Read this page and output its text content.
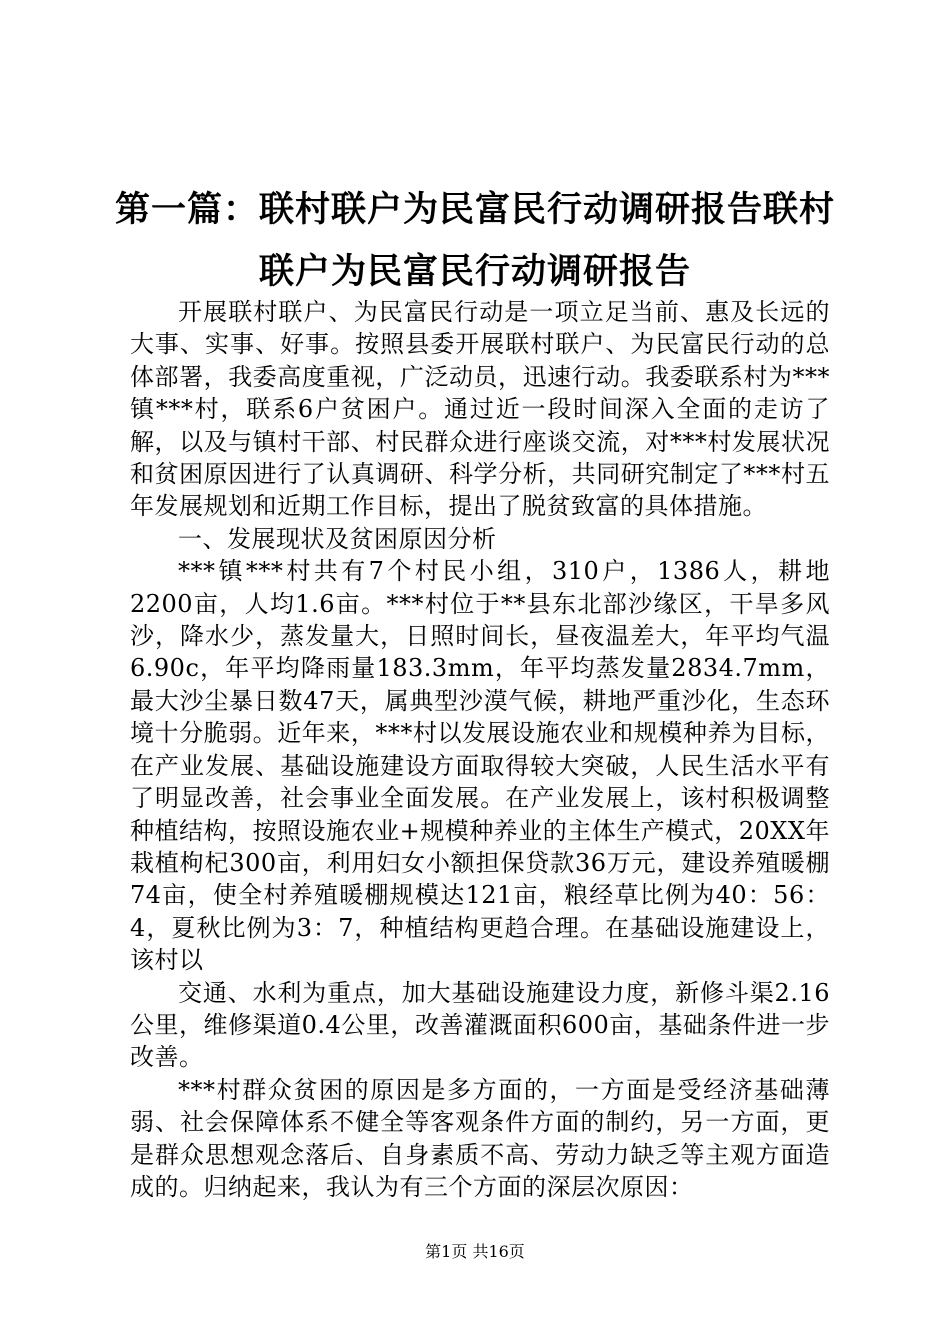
第一篇：联村联户为民富民行动调研报告联村
联户为民富民行动调研报告

开展联村联户、为民富民行动是一项立足当前、惠及长远的大事、实事、好事。按照县委开展联村联户、为民富民行动的总体部署，我委高度重视，广泛动员，迅速行动。我委联系村为***镇***村，联系6户贫困户。通过近一段时间深入全面的走访了解，以及与镇村干部、村民群众进行座谈交流，对***村发展状况和贫困原因进行了认真调研、科学分析，共同研究制定了***村五年发展规划和近期工作目标，提出了脱贫致富的具体措施。

一、发展现状及贫困原因分析

***镇***村共有7个村民小组，310户，1386人，耕地2200亩，人均1.6亩。***村位于**县东北部沙缘区，干旱多风沙，降水少，蒸发量大，日照时间长，昼夜温差大，年平均气温6.90c，年平均降雨量183.3mm，年平均蒸发量2834.7mm，最大沙尘暴日数47天，属典型沙漠气候，耕地严重沙化，生态环境十分脆弱。近年来，***村以发展设施农业和规模种养为目标，在产业发展、基础设施建设方面取得较大突破，人民生活水平有了明显改善，社会事业全面发展。在产业发展上，该村积极调整种植结构，按照设施农业+规模种养业的主体生产模式，20XX年栽植枸杞300亩，利用妇女小额担保贷款36万元，建设养殖暖棚74亩，使全村养殖暖棚规模达121亩，粮经草比例为40：56：4，夏秋比例为3：7，种植结构更趋合理。在基础设施建设上，该村以

交通、水利为重点，加大基础设施建设力度，新修斗渠2.16公里，维修渠道0.4公里，改善灌溉面积600亩，基础条件进一步改善。

***村群众贫困的原因是多方面的，一方面是受经济基础薄弱、社会保障体系不健全等客观条件方面的制约，另一方面，更是群众思想观念落后、自身素质不高、劳动力缺乏等主观方面造成的。归纳起来，我认为有三个方面的深层次原因：

第1页 共16页
